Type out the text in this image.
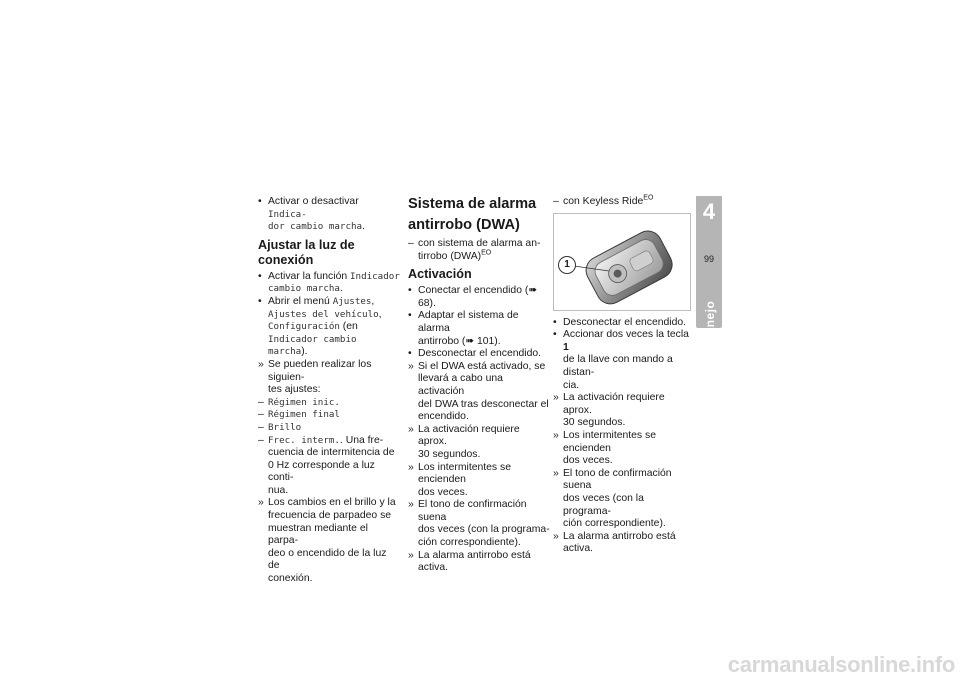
• Activar o desactivar Indica-
dor cambio marcha.
Ajustar la luz de conexión
• Activar la función Indicador
cambio marcha.
• Abrir el menú Ajustes,
Ajustes del vehículo,
Configuración (en
Indicador cambio marcha).
» Se pueden realizar los siguien-
tes ajustes:
– Régimen inic.
– Régimen final
– Brillo
– Frec. interm.. Una fre-
cuencia de intermitencia de
0 Hz corresponde a luz conti-
nua.
» Los cambios en el brillo y la
frecuencia de parpadeo se
muestran mediante el parpa-
deo o encendido de la luz de
conexión.
Sistema de alarma
antirrobo (DWA)
– con sistema de alarma an-
tirrobo (DWA)$^{EO}$
Activación
• Conectar el encendido (➠ 68).
• Adaptar el sistema de alarma
antirrobo (➠ 101).
• Desconectar el encendido.
» Si el DWA está activado, se
llevará a cabo una activación
del DWA tras desconectar el
encendido.
» La activación requiere aprox.
30 segundos.
» Los intermitentes se encienden
dos veces.
» El tono de confirmación suena
dos veces (con la programa-
ción correspondiente).
» La alarma antirrobo está activa.
– con Keyless Ride$^{EO}$
1
• Desconectar el encendido.
• Accionar dos veces la tecla 1
de la llave con mando a distan-
cia.
» La activación requiere aprox.
30 segundos.
» Los intermitentes se encienden
dos veces.
» El tono de confirmación suena
dos veces (con la programa-
ción correspondiente).
» La alarma antirrobo está activa.
4
99
Manejo
carmanualsonline.info
